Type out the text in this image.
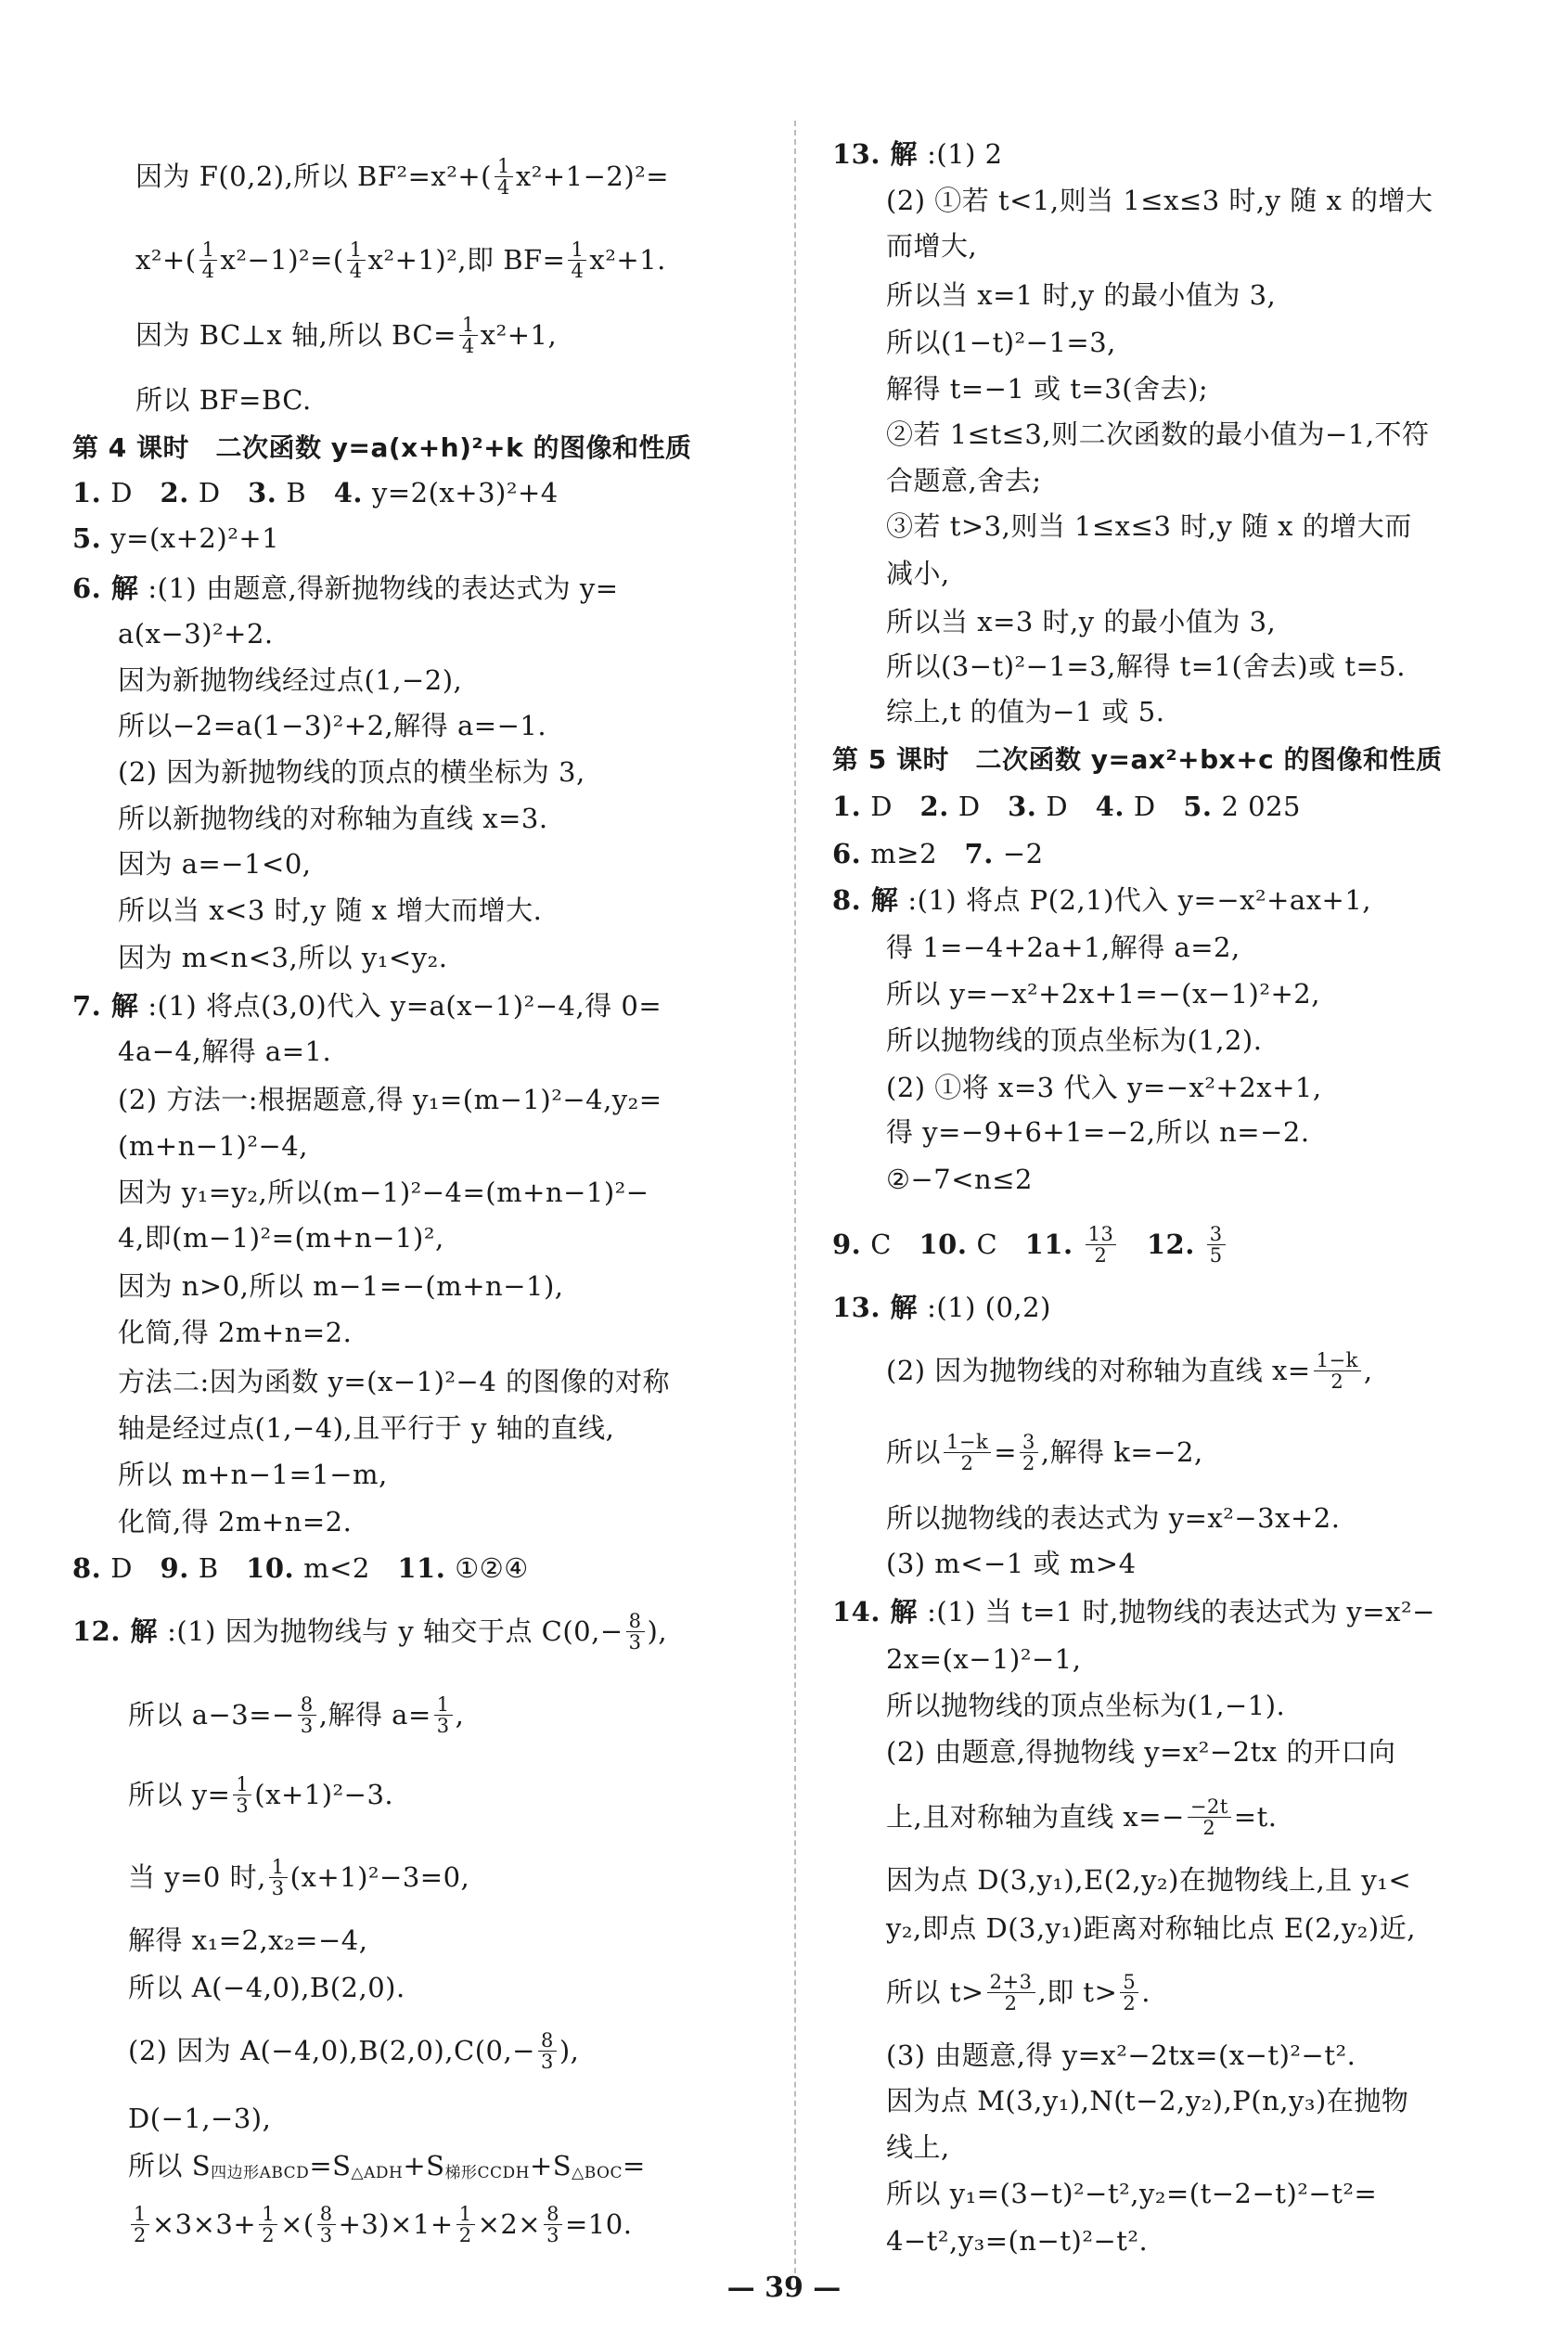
因为 F(0,2),所以 $BF^2=x^2+( \frac{1}{4} x^2+1-2)^2=$
$x^2+( \frac{1}{4} x^2-1)^2=( \frac{1}{4} x^2+1)^2$,即 $BF= \frac{1}{4} x^2+1$.
因为 BC⊥x 轴,所以 $BC= \frac{1}{4} x^2+1$,
所以 BF=BC.
第 4 课时　二次函数 y=a(x+h)²+k 的图像和性质
1. D　 2. D　 3. B　 4. y=2(x+3)²+4
5. y=(x+2)²+1
6. 解 :(1) 由题意,得新抛物线的表达式为 y=
a(x−3)²+2.
因为新抛物线经过点(1,−2),
所以−2=a(1−3)²+2,解得 a=−1.
(2) 因为新抛物线的顶点的横坐标为 3,
所以新抛物线的对称轴为直线 x=3.
因为 a=−1<0,
所以当 x<3 时,y 随 x 增大而增大.
因为 m<n<3,所以 y₁<y₂.
7. 解 :(1) 将点(3,0)代入 y=a(x−1)²−4,得 0=
4a−4,解得 a=1.
(2) 方法一:根据题意,得 y₁=(m−1)²−4,y₂=
(m+n−1)²−4,
因为 y₁=y₂,所以(m−1)²−4=(m+n−1)²−
4,即(m−1)²=(m+n−1)²,
因为 n>0,所以 m−1=−(m+n−1),
化简,得 2m+n=2.
方法二:因为函数 y=(x−1)²−4 的图像的对称
轴是经过点(1,−4),且平行于 y 轴的直线,
所以 m+n−1=1−m,
化简,得 2m+n=2.
8. D　 9. B　 10. m<2　 11. ①②④
12. 解 :(1) 因为抛物线与 y 轴交于点 $C(0,- \frac{8}{3}$ ),
所以 $a-3=- \frac{8}{3}$ ,解得 $a= \frac{1}{3}$ ,
所以 $y= \frac{1}{3} (x+1)^2-3$.
当 y=0 时, $\frac{1}{3} (x+1)^2-3=0$,
解得 x₁=2,x₂=−4,
所以 A(−4,0),B(2,0).
(2) 因为 $A(-4,0),B(2,0),C(0,- \frac{8}{3}$ ),
D(−1,−3),
所以 S 四边形ABCD =S △ADH +S 梯形CCDH +S △BOC =
$\frac{1}{2} \times 3\times 3+ \frac{1}{2}$ ×( $\frac{8}{3} +3)\times 1+ \frac{1}{2} \times 2\times \frac{8}{3} =10$.
13. 解 :(1) 2
(2) ①若 t<1,则当 1≤x≤3 时,y 随 x 的增大
而增大,
所以当 x=1 时,y 的最小值为 3,
所以(1−t)²−1=3,
解得 t=−1 或 t=3(舍去);
②若 1≤t≤3,则二次函数的最小值为−1,不符
合题意,舍去;
③若 t>3,则当 1≤x≤3 时,y 随 x 的增大而
减小,
所以当 x=3 时,y 的最小值为 3,
所以(3−t)²−1=3,解得 t=1(舍去)或 t=5.
综上,t 的值为−1 或 5.
第 5 课时　二次函数 y=ax²+bx+c 的图像和性质
1. D　 2. D　 3. D　 4. D　 5. 2 025
6. m≥2　 7. −2
8. 解 :(1) 将点 P(2,1)代入 y=−x²+ax+1,
得 1=−4+2a+1,解得 a=2,
所以 y=−x²+2x+1=−(x−1)²+2,
所以抛物线的顶点坐标为(1,2).
(2) ①将 x=3 代入 y=−x²+2x+1,
得 y=−9+6+1=−2,所以 n=−2.
②−7<n≤2
9. C　 10. C　 11. $\frac{13}{2}$
　 12. $\frac{3}{5}$
13. 解 :(1) (0,2)
(2) 因为抛物线的对称轴为直线 $x= \frac{1-k}{2}$ ,
所以 $\frac{1-k}{2} = \frac{3}{2}$ ,解得 k=−2,
所以抛物线的表达式为 y=x²−3x+2.
(3) m<−1 或 m>4
14. 解 :(1) 当 t=1 时,抛物线的表达式为 y=x²−
2x=(x−1)²−1,
所以抛物线的顶点坐标为(1,−1).
(2) 由题意,得抛物线 y=x²−2tx 的开口向
上,且对称轴为直线 $x=- \frac{-2t}{2} =t$.
因为点 D(3,y₁),E(2,y₂)在抛物线上,且 y₁<
y₂,即点 D(3,y₁)距离对称轴比点 E(2,y₂)近,
所以 $t> \frac{2+3}{2}$ ,即 $t> \frac{5}{2}$ .
(3) 由题意,得 y=x²−2tx=(x−t)²−t².
因为点 M(3,y₁),N(t−2,y₂),P(n,y₃)在抛物
线上,
所以 y₁=(3−t)²−t²,y₂=(t−2−t)²−t²=
4−t²,y₃=(n−t)²−t².
— 39 —
